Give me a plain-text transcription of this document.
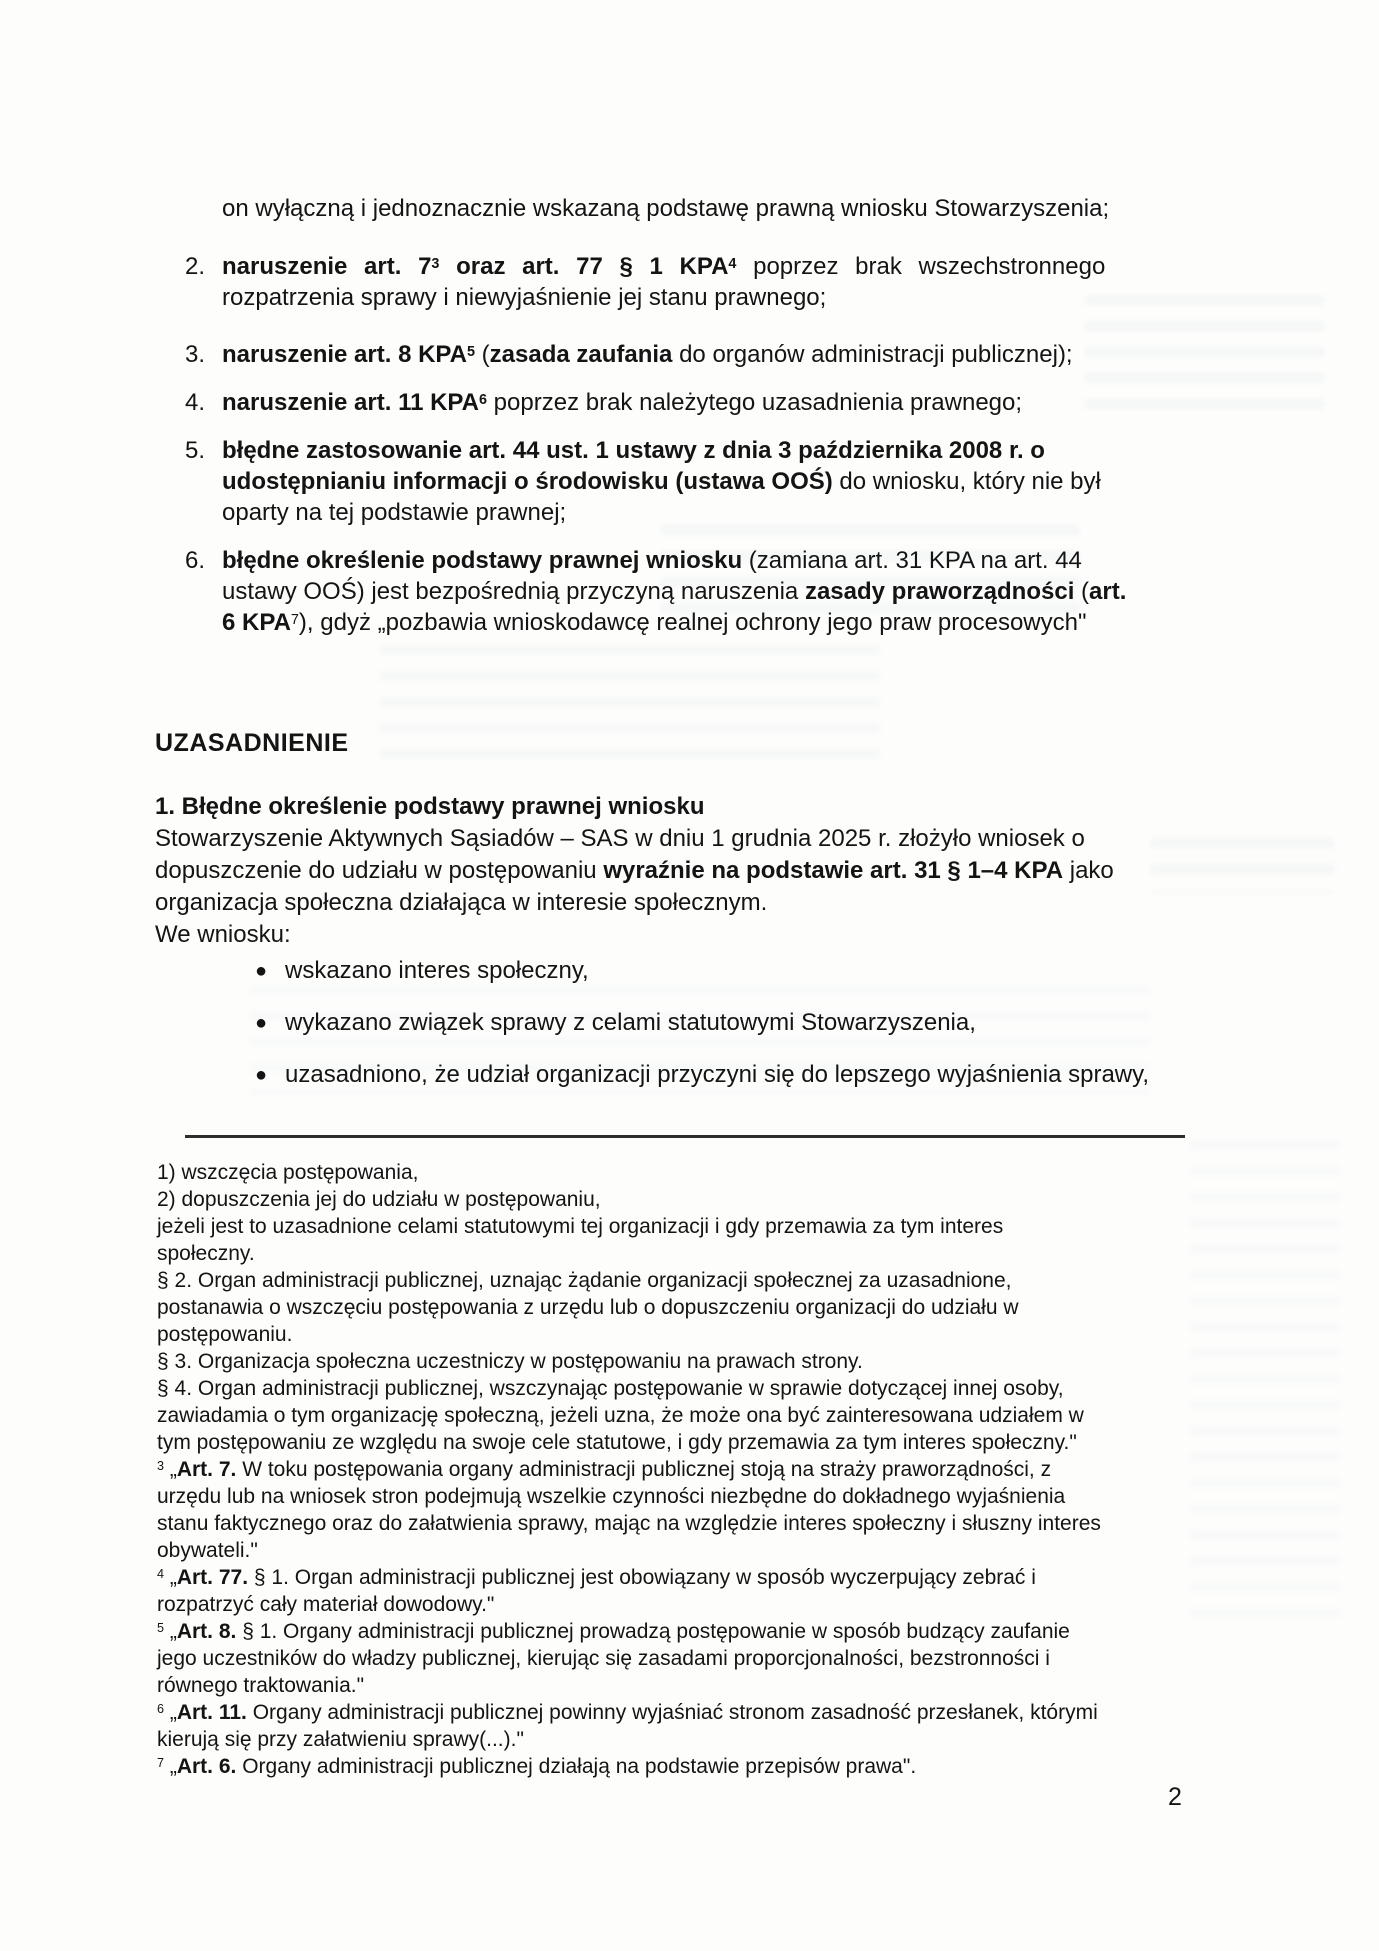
on wyłączną i jednoznacznie wskazaną podstawę prawną wniosku Stowarzyszenia;
2. naruszenie art. $7^3$ oraz art. 77 § 1 KPA$^4$ poprzez brak wszechstronnego
rozpatrzenia sprawy i niewyjaśnienie jej stanu prawnego;
3. naruszenie art. 8 KPA$^5$ (zasada zaufania do organów administracji publicznej);
4. naruszenie art. 11 KPA$^6$ poprzez brak należytego uzasadnienia prawnego;
5. błędne zastosowanie art. 44 ust. 1 ustawy z dnia 3 października 2008 r. o
udostępnianiu informacji o środowisku (ustawa OOŚ) do wniosku, który nie był
oparty na tej podstawie prawnej;
6. błędne określenie podstawy prawnej wniosku (zamiana art. 31 KPA na art. 44
ustawy OOŚ) jest bezpośrednią przyczyną naruszenia zasady praworządności (art.
6 KPA$^7$), gdyż „pozbawia wnioskodawcę realnej ochrony jego praw procesowych"
UZASADNIENIE
1. Błędne określenie podstawy prawnej wniosku
Stowarzyszenie Aktywnych Sąsiadów – SAS w dniu 1 grudnia 2025 r. złożyło wniosek o
dopuszczenie do udziału w postępowaniu wyraźnie na podstawie art. 31 § 1–4 KPA jako
organizacja społeczna działająca w interesie społecznym.
We wniosku:
● wskazano interes społeczny,
● wykazano związek sprawy z celami statutowymi Stowarzyszenia,
● uzasadniono, że udział organizacji przyczyni się do lepszego wyjaśnienia sprawy,
1) wszczęcia postępowania,
2) dopuszczenia jej do udziału w postępowaniu,
jeżeli jest to uzasadnione celami statutowymi tej organizacji i gdy przemawia za tym interes
społeczny.
§ 2. Organ administracji publicznej, uznając żądanie organizacji społecznej za uzasadnione,
postanawia o wszczęciu postępowania z urzędu lub o dopuszczeniu organizacji do udziału w
postępowaniu.
§ 3. Organizacja społeczna uczestniczy w postępowaniu na prawach strony.
§ 4. Organ administracji publicznej, wszczynając postępowanie w sprawie dotyczącej innej osoby,
zawiadamia o tym organizację społeczną, jeżeli uzna, że może ona być zainteresowana udziałem w
tym postępowaniu ze względu na swoje cele statutowe, i gdy przemawia za tym interes społeczny."
$^3$ „Art. 7. W toku postępowania organy administracji publicznej stoją na straży praworządności, z
urzędu lub na wniosek stron podejmują wszelkie czynności niezbędne do dokładnego wyjaśnienia
stanu faktycznego oraz do załatwienia sprawy, mając na względzie interes społeczny i słuszny interes
obywateli."
$^4$ „Art. 77. § 1. Organ administracji publicznej jest obowiązany w sposób wyczerpujący zebrać i
rozpatrzyć cały materiał dowodowy."
$^5$ „Art. 8. § 1. Organy administracji publicznej prowadzą postępowanie w sposób budzący zaufanie
jego uczestników do władzy publicznej, kierując się zasadami proporcjonalności, bezstronności i
równego traktowania."
$^6$ „Art. 11. Organy administracji publicznej powinny wyjaśniać stronom zasadność przesłanek, którymi
kierują się przy załatwieniu sprawy(...)."
$^7$ „Art. 6. Organy administracji publicznej działają na podstawie przepisów prawa".
2
